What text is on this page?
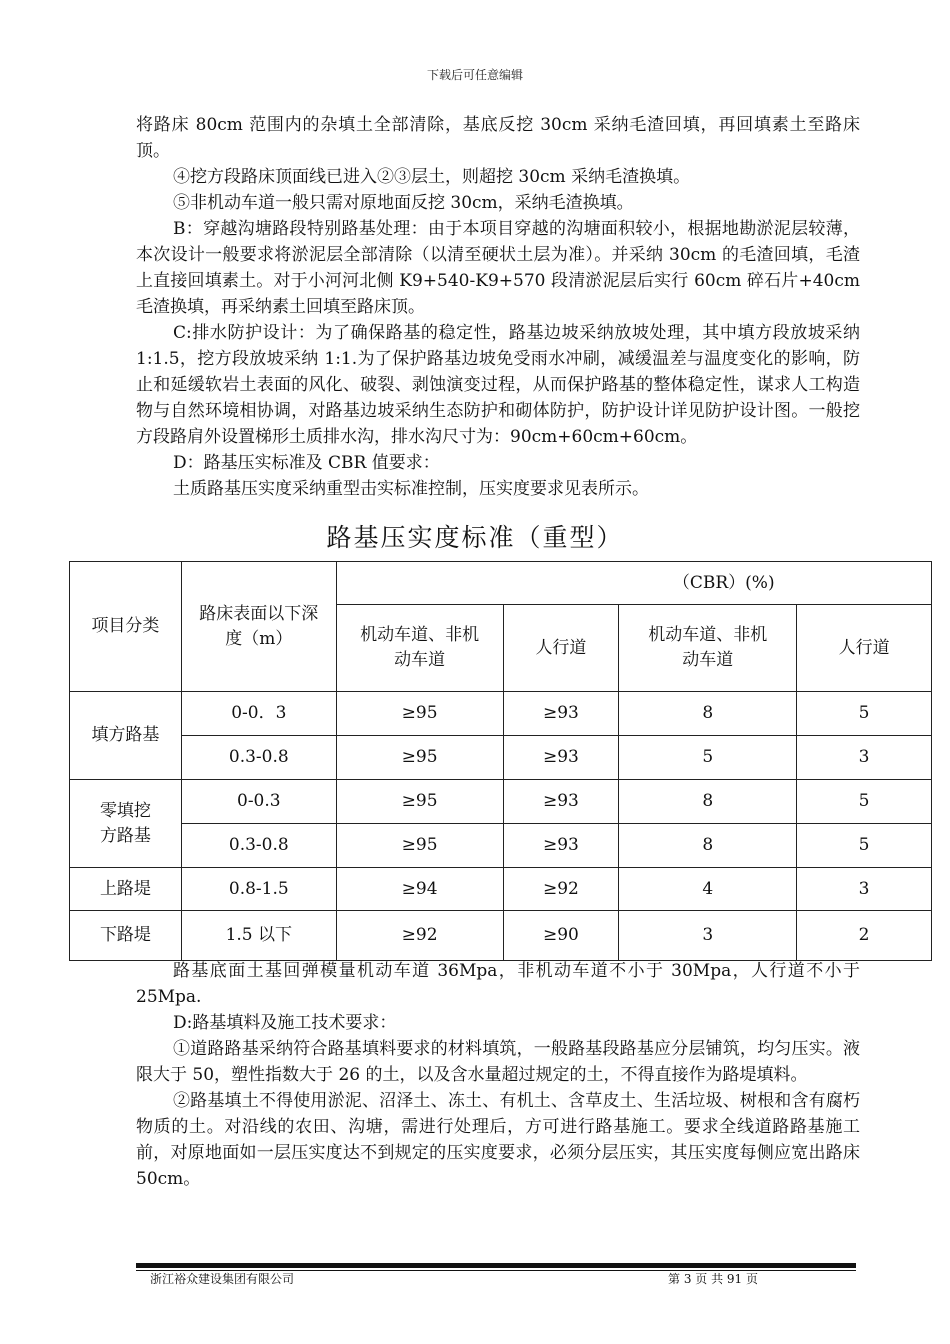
下载后可任意编辑

将路床 80cm 范围内的杂填土全部清除，基底反挖 30cm 采纳毛渣回填，再回填素土至路床顶。

④挖方段路床顶面线已进入②③层土，则超挖 30cm 采纳毛渣换填。

⑤非机动车道一般只需对原地面反挖 30cm，采纳毛渣换填。

B：穿越沟塘路段特别路基处理：由于本项目穿越的沟塘面积较小，根据地勘淤泥层较薄，本次设计一般要求将淤泥层全部清除（以清至硬状土层为准）。并采纳 30cm 的毛渣回填，毛渣上直接回填素土。对于小河河北侧 K9+540-K9+570 段清淤泥层后实行 60cm 碎石片+40cm 毛渣换填，再采纳素土回填至路床顶。

C:排水防护设计：为了确保路基的稳定性，路基边坡采纳放坡处理，其中填方段放坡采纳 1:1.5，挖方段放坡采纳 1:1.为了保护路基边坡免受雨水冲刷，减缓温差与温度变化的影响，防止和延缓软岩土表面的风化、破裂、剥蚀演变过程，从而保护路基的整体稳定性，谋求人工构造物与自然环境相协调，对路基边坡采纳生态防护和砌体防护，防护设计详见防护设计图。一般挖方段路肩外设置梯形土质排水沟，排水沟尺寸为：90cm+60cm+60cm。

D：路基压实标准及 CBR 值要求：

土质路基压实度采纳重型击实标准控制，压实度要求见表所示。

路基压实度标准（重型）
项目分类	路床表面以下深度（m）			（CBR）(%)	
		机动车道、非机动车道	人行道	机动车道、非机动车道	人行道
填方路基	0-0．3	≥95	≥93	8	5
	0.3-0.8	≥95	≥93	5	3
零填挖方路基	0-0.3	≥95	≥93	8	5
	0.3-0.8	≥95	≥93	8	5
上路堤	0.8-1.5	≥94	≥92	4	3
下路堤	1.5 以下	≥92	≥90	3	2

路基底面土基回弹模量机动车道 36Mpa，非机动车道不小于 30Mpa，人行道不小于 25Mpa.

D:路基填料及施工技术要求：

①道路路基采纳符合路基填料要求的材料填筑，一般路基段路基应分层铺筑，均匀压实。液限大于 50，塑性指数大于 26 的土，以及含水量超过规定的土，不得直接作为路堤填料。

②路基填土不得使用淤泥、沼泽土、冻土、有机土、含草皮土、生活垃圾、树根和含有腐朽物质的土。对沿线的农田、沟塘，需进行处理后，方可进行路基施工。要求全线道路路基施工前，对原地面如一层压实度达不到规定的压实度要求，必须分层压实，其压实度每侧应宽出路床 50cm。

浙江裕众建设集团有限公司	第 3 页 共 91 页
